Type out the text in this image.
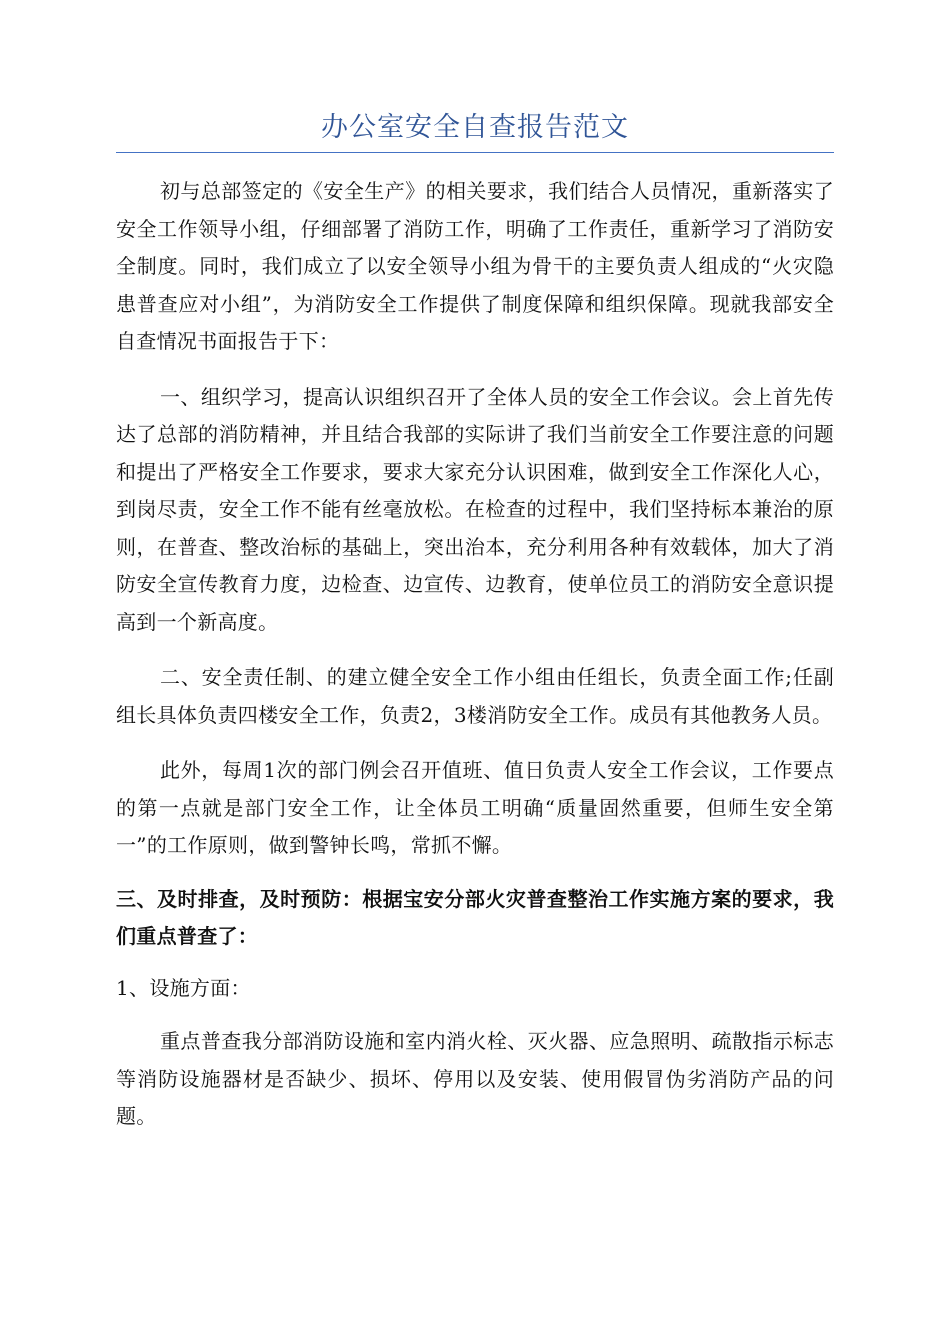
办公室安全自查报告范文

初与总部签定的《安全生产》的相关要求，我们结合人员情况，重新落实了安全工作领导小组，仔细部署了消防工作，明确了工作责任，重新学习了消防安全制度。同时，我们成立了以安全领导小组为骨干的主要负责人组成的“火灾隐患普查应对小组”，为消防安全工作提供了制度保障和组织保障。现就我部安全自查情况书面报告于下：

一、组织学习，提高认识组织召开了全体人员的安全工作会议。会上首先传达了总部的消防精神，并且结合我部的实际讲了我们当前安全工作要注意的问题和提出了严格安全工作要求，要求大家充分认识困难，做到安全工作深化人心，到岗尽责，安全工作不能有丝毫放松。在检查的过程中，我们坚持标本兼治的原则，在普查、整改治标的基础上，突出治本，充分利用各种有效载体，加大了消防安全宣传教育力度，边检查、边宣传、边教育，使单位员工的消防安全意识提高到一个新高度。

二、安全责任制、的建立健全安全工作小组由任组长，负责全面工作;任副组长具体负责四楼安全工作，负责2，3楼消防安全工作。成员有其他教务人员。

此外，每周1次的部门例会召开值班、值日负责人安全工作会议，工作要点的第一点就是部门安全工作，让全体员工明确“质量固然重要，但师生安全第一”的工作原则，做到警钟长鸣，常抓不懈。

三、及时排查，及时预防：根据宝安分部火灾普查整治工作实施方案的要求，我们重点普查了：

1、设施方面：

重点普查我分部消防设施和室内消火栓、灭火器、应急照明、疏散指示标志等消防设施器材是否缺少、损坏、停用以及安装、使用假冒伪劣消防产品的问题。
